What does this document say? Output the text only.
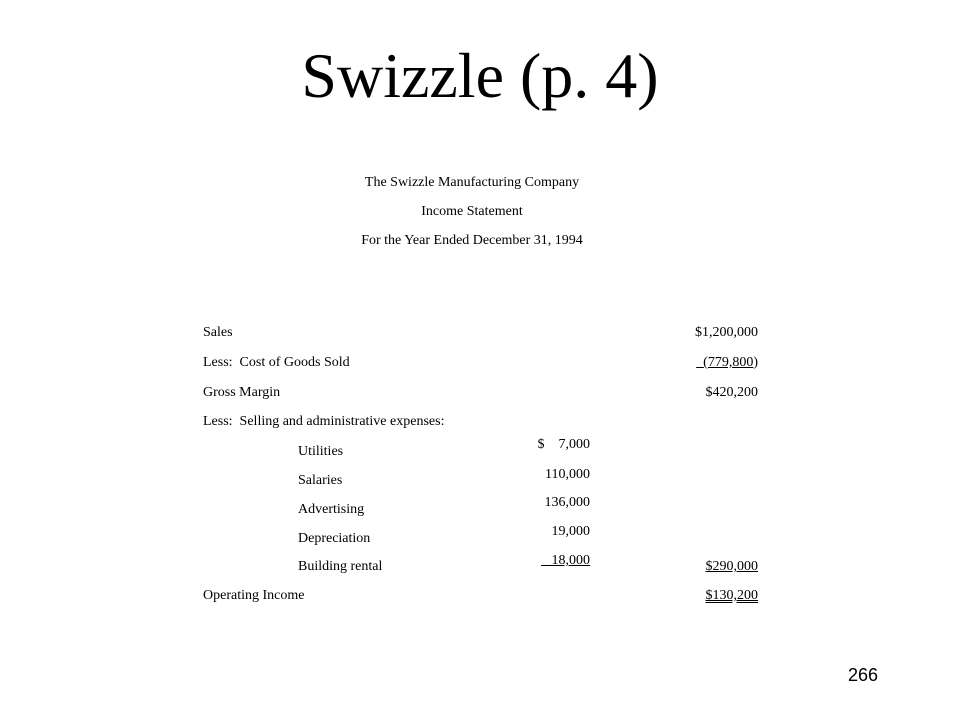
Swizzle (p. 4)
The Swizzle Manufacturing Company
Income Statement
For the Year Ended December 31, 1994
Sales	$1,200,000
Less:  Cost of Goods Sold	(779,800)
Gross Margin	$420,200
Less:  Selling and administrative expenses:
Utilities	$    7,000
Salaries	110,000
Advertising	136,000
Depreciation	19,000
Building rental	18,000	$290,000
Operating Income	$130,200
266
